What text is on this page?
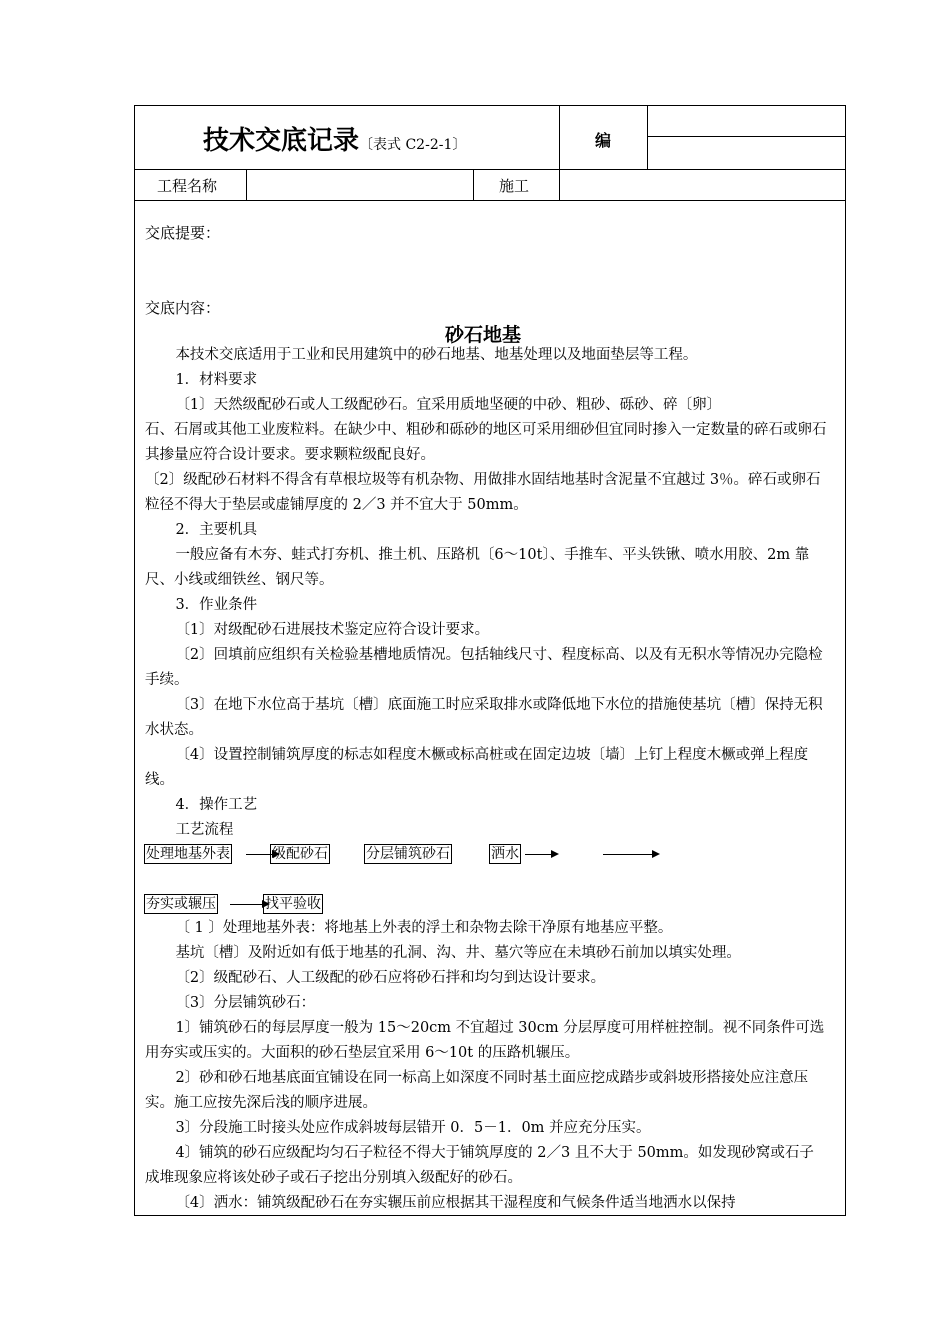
技术交底记录〔表式 C2-2-1〕	编
工程名称	施工
交底提要：
交底内容：
砂石地基

本技术交底适用于工业和民用建筑中的砂石地基、地基处理以及地面垫层等工程。

1．材料要求

〔1〕天然级配砂石或人工级配砂石。宜采用质地坚硬的中砂、粗砂、砾砂、碎〔卵〕

石、石屑或其他工业废粒料。在缺少中、粗砂和砾砂的地区可采用细砂但宜同时掺入一定数量的碎石或卵石其掺量应符合设计要求。要求颗粒级配良好。

〔2〕级配砂石材料不得含有草根垃圾等有机杂物、用做排水固结地基时含泥量不宜越过 3％。碎石或卵石粒径不得大于垫层或虚铺厚度的 2／3 并不宜大于 50mm。

2．主要机具

一般应备有木夯、蛙式打夯机、推土机、压路机〔6～10t〕、手推车、平头铁锹、喷水用胶、2m 靠尺、小线或细铁丝、钢尺等。

3．作业条件

〔1〕对级配砂石进展技术鉴定应符合设计要求。

〔2〕回填前应组织有关检验基槽地质情况。包括轴线尺寸、程度标高、以及有无积水等情况办完隐检手续。

〔3〕在地下水位高于基坑〔槽〕底面施工时应采取排水或降低地下水位的措施使基坑〔槽〕保持无积水状态。

〔4〕设置控制铺筑厚度的标志如程度木橛或标高桩或在固定边坡〔墙〕上钉上程度木橛或弹上程度线。

4．操作工艺

工艺流程

处理地基外表	级配砂石	分层铺筑砂石	洒水
夯实或辗压	找平验收

〔 1 〕处理地基外表：将地基上外表的浮土和杂物去除干净原有地基应平整。

基坑〔槽〕及附近如有低于地基的孔洞、沟、井、墓穴等应在未填砂石前加以填实处理。

〔2〕级配砂石、人工级配的砂石应将砂石拌和均匀到达设计要求。

〔3〕分层铺筑砂石：

1〕铺筑砂石的每层厚度一般为 15～20cm 不宜超过 30cm 分层厚度可用样桩控制。视不同条件可选用夯实或压实的。大面积的砂石垫层宜采用 6～10t 的压路机辗压。

2〕砂和砂石地基底面宜铺设在同一标高上如深度不同时基土面应挖成踏步或斜坡形搭接处应注意压实。施工应按先深后浅的顺序进展。

3〕分段施工时接头处应作成斜坡每层错开 0．5－1．0m 并应充分压实。

4〕铺筑的砂石应级配均匀石子粒径不得大于铺筑厚度的 2／3 且不大于 50mm。如发现砂窝或石子成堆现象应将该处砂子或石子挖出分别填入级配好的砂石。

〔4〕洒水：铺筑级配砂石在夯实辗压前应根据其干湿程度和气候条件适当地洒水以保持
